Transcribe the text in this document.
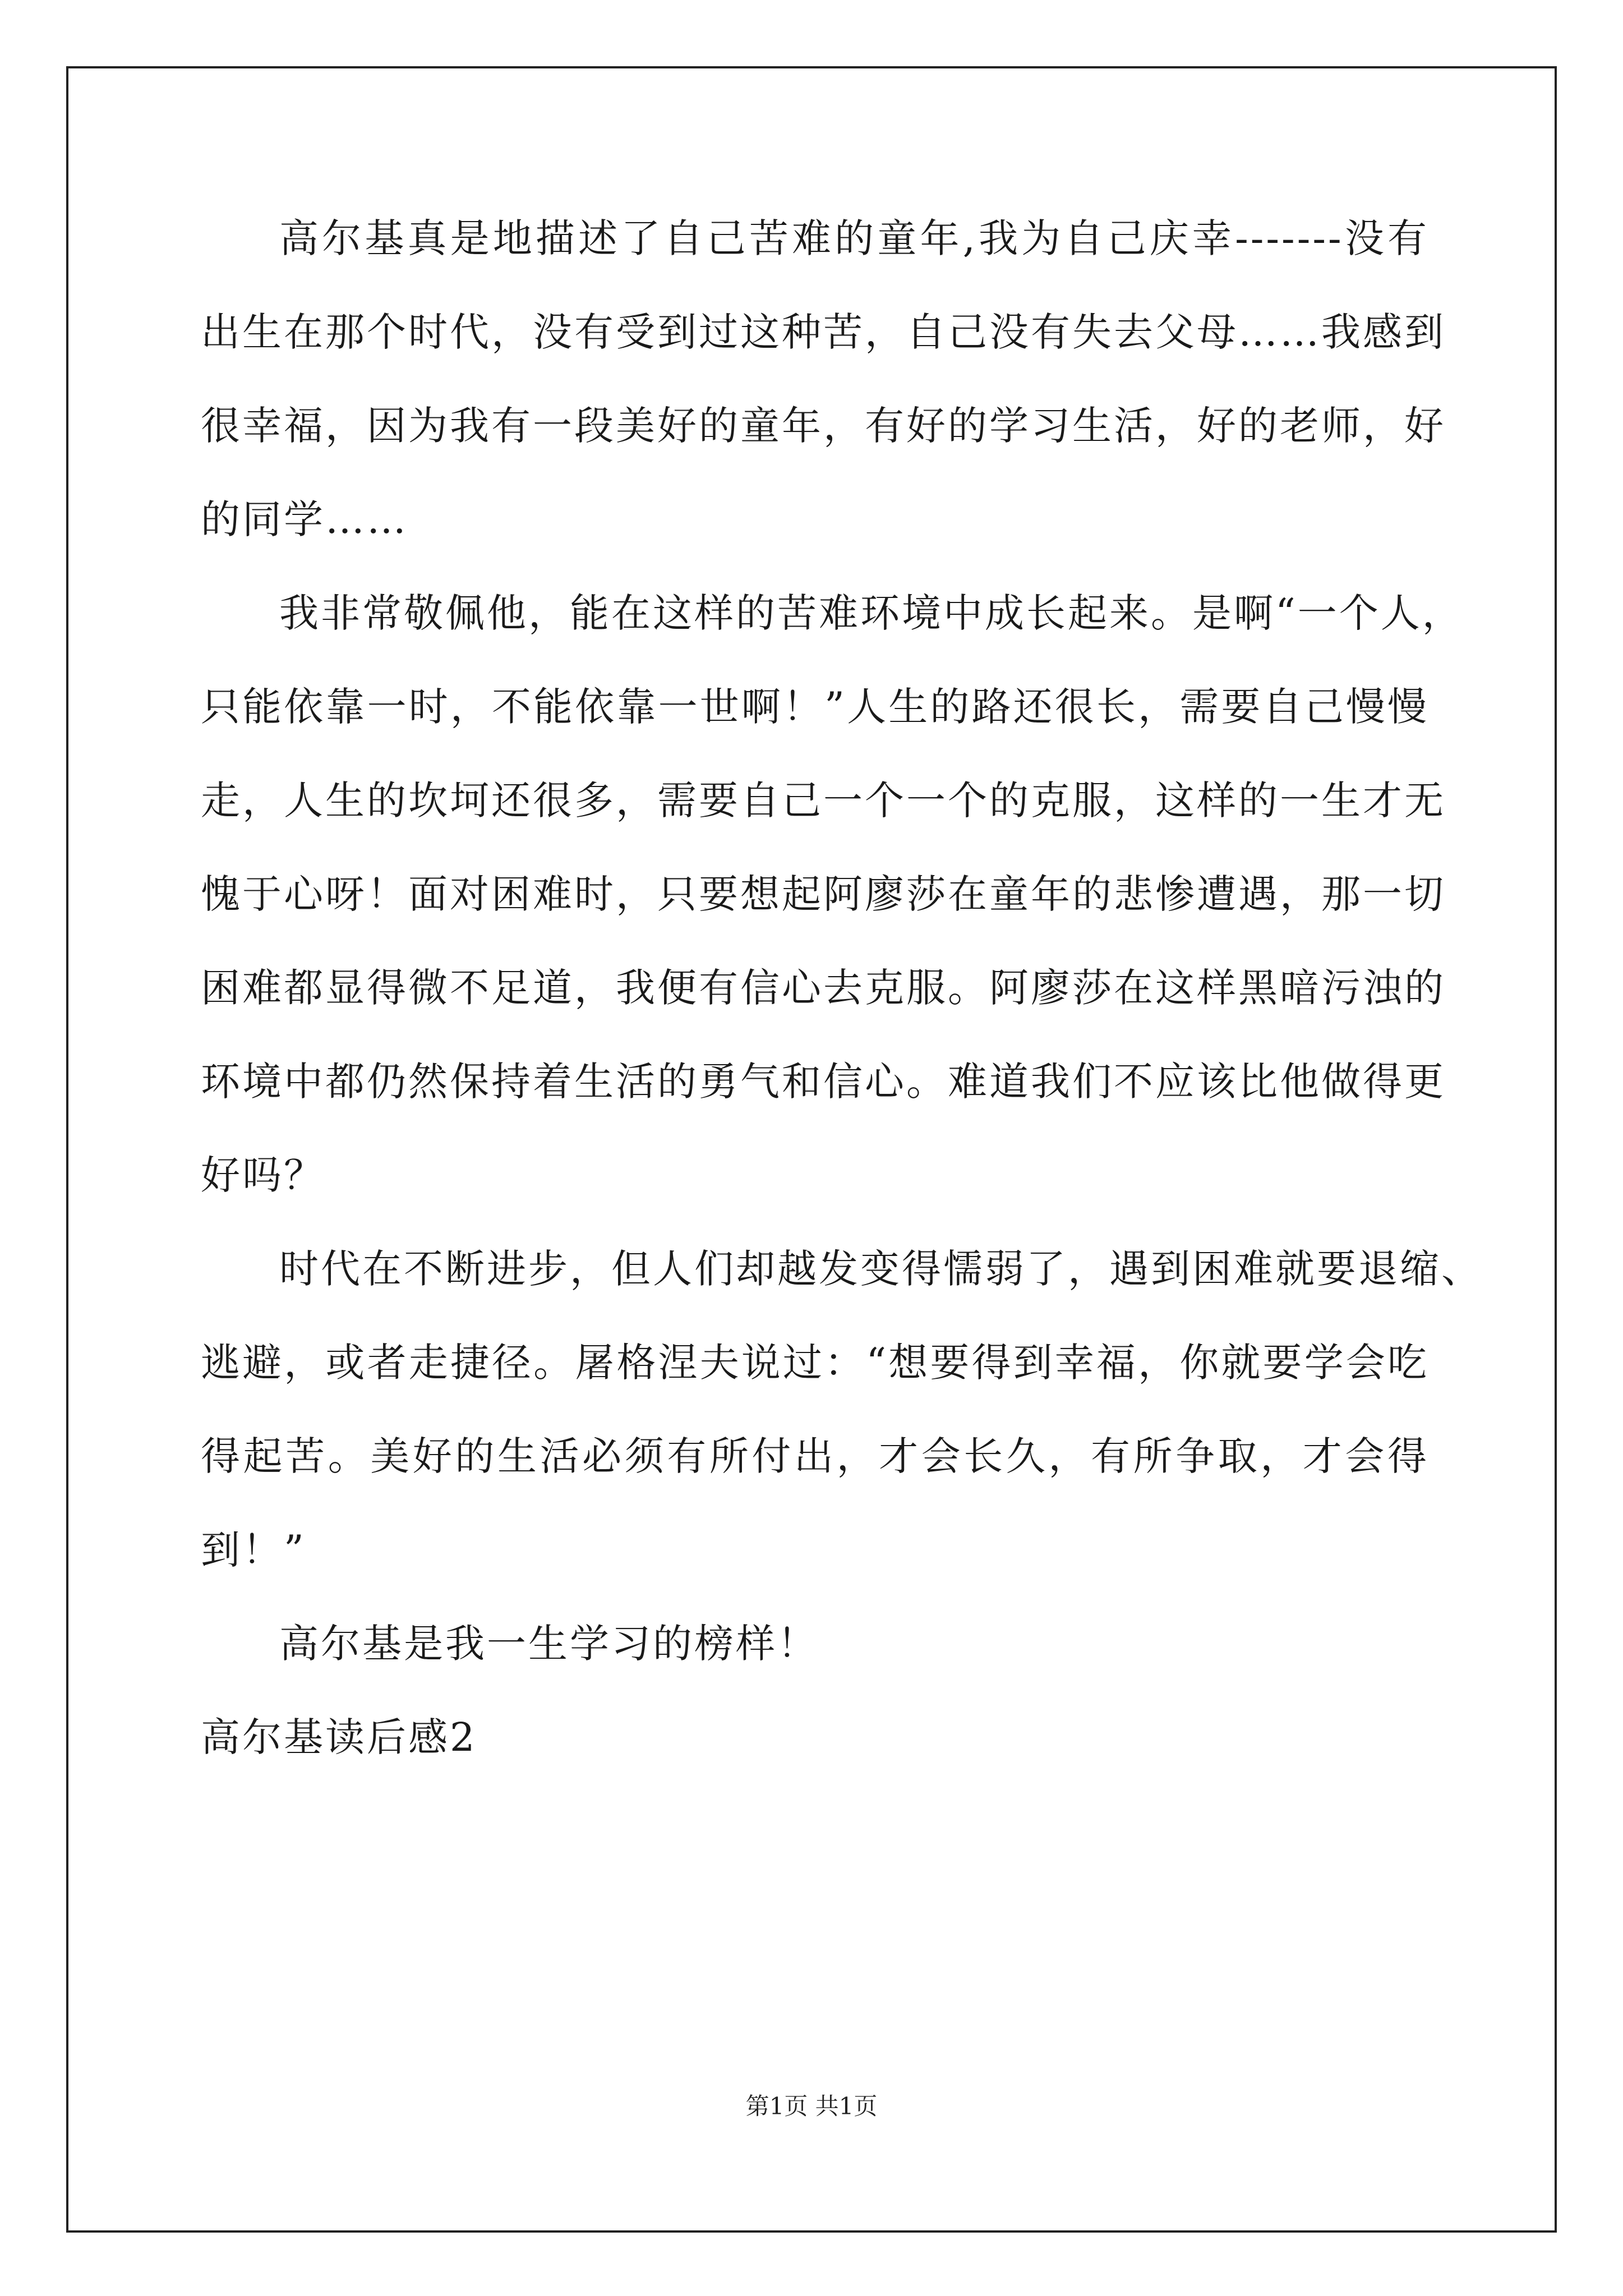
高尔基真是地描述了自己苦难的童年,我为自己庆幸-------没有
出生在那个时代，没有受到过这种苦，自己没有失去父母……我感到
很幸福，因为我有一段美好的童年，有好的学习生活，好的老师，好
的同学……
我非常敬佩他，能在这样的苦难环境中成长起来。是啊“一个人，
只能依靠一时，不能依靠一世啊！”人生的路还很长，需要自己慢慢
走，人生的坎坷还很多，需要自己一个一个的克服，这样的一生才无
愧于心呀！面对困难时，只要想起阿廖莎在童年的悲惨遭遇，那一切
困难都显得微不足道，我便有信心去克服。阿廖莎在这样黑暗污浊的
环境中都仍然保持着生活的勇气和信心。难道我们不应该比他做得更
好吗？
时代在不断进步，但人们却越发变得懦弱了，遇到困难就要退缩、
逃避，或者走捷径。屠格涅夫说过：“想要得到幸福，你就要学会吃
得起苦。美好的生活必须有所付出，才会长久，有所争取，才会得
到！”
高尔基是我一生学习的榜样！
高尔基读后感2
第1页 共1页
